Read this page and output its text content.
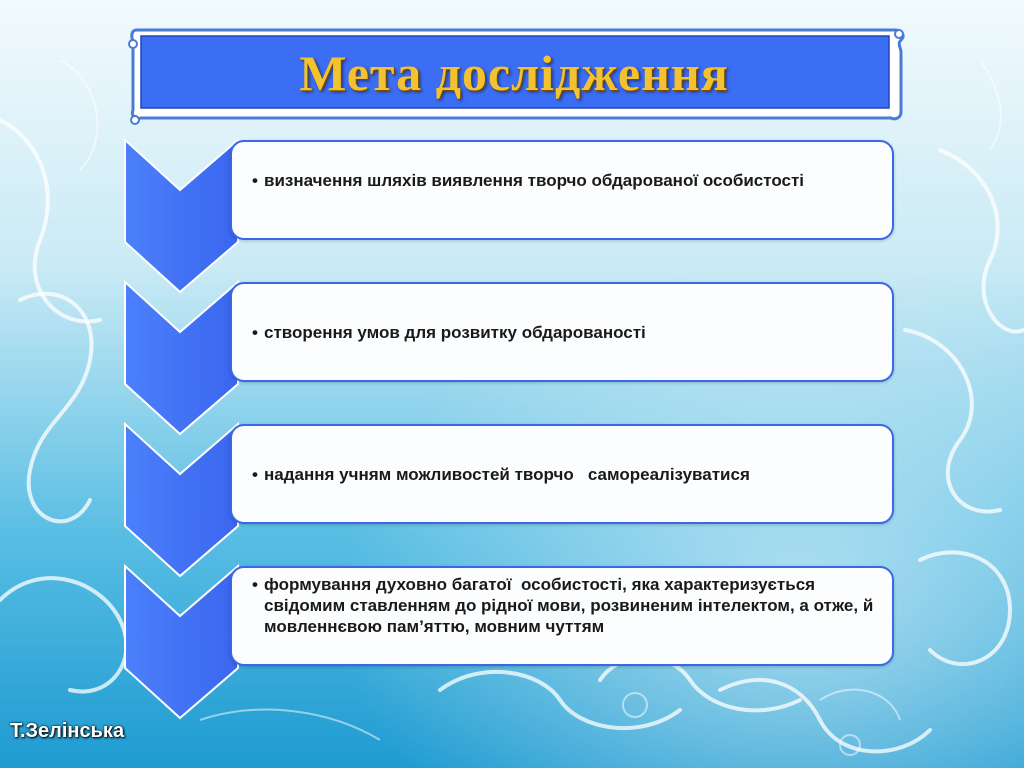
Мета дослідження
• визначення шляхів виявлення творчо обдарованої особистості
• створення умов для розвитку обдарованості
• надання учням можливостей творчо   самореалізуватися
• формування духовно багатої  особистості, яка характеризується свідомим ставленням до рідної мови, розвиненим інтелектом, а отже, й мовленнєвою пам’яттю, мовним чуттям
Т.Зелінська
